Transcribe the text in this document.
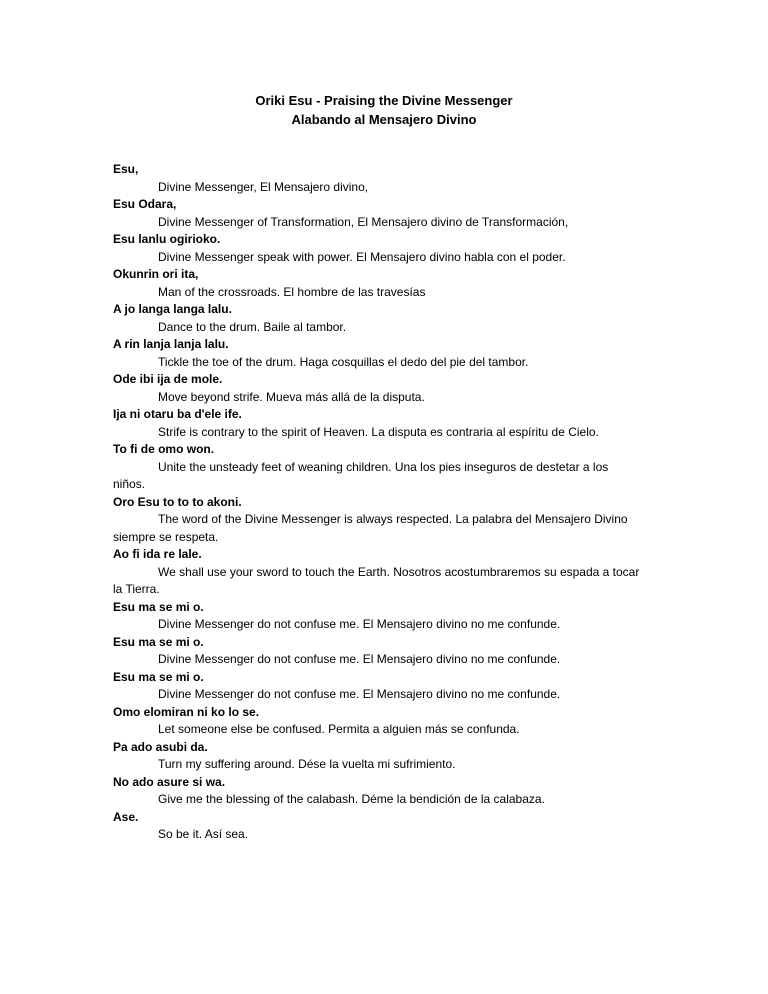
Oriki Esu - Praising the Divine Messenger
Alabando al Mensajero Divino

Esu,

Divine Messenger, El Mensajero divino,

Esu Odara,

Divine Messenger of Transformation, El Mensajero divino de Transformación,

Esu lanlu ogirioko.

Divine Messenger speak with power. El Mensajero divino habla con el poder.

Okunrin ori ita,

Man of the crossroads. El hombre de las travesías

A jo langa langa lalu.

Dance to the drum. Baile al tambor.

A rin lanja lanja lalu.

Tickle the toe of the drum. Haga cosquillas el dedo del pie del tambor.

Ode ibi ija de mole.

Move beyond strife. Mueva más allá de la disputa.

Ija ni otaru ba d'ele ife.

Strife is contrary to the spirit of Heaven. La disputa es contraria al espíritu de Cielo.

To fi de omo won.

Unite the unsteady feet of weaning children. Una los pies inseguros de destetar a los niños.

Oro Esu to to to akoni.

The word of the Divine Messenger is always respected. La palabra del Mensajero Divino siempre se respeta.

Ao fi ida re lale.

We shall use your sword to touch the Earth. Nosotros acostumbraremos su espada a tocar la Tierra.

Esu ma se mi o.

Divine Messenger do not confuse me. El Mensajero divino no me confunde.

Esu ma se mi o.

Divine Messenger do not confuse me. El Mensajero divino no me confunde.

Esu ma se mi o.

Divine Messenger do not confuse me. El Mensajero divino no me confunde.

Omo elomiran ni ko lo se.

Let someone else be confused. Permita a alguien más se confunda.

Pa ado asubi da.

Turn my suffering around. Dése la vuelta mi sufrimiento.

No ado asure si wa.

Give me the blessing of the calabash. Déme la bendición de la calabaza.

Ase.

So be it. Así sea.
